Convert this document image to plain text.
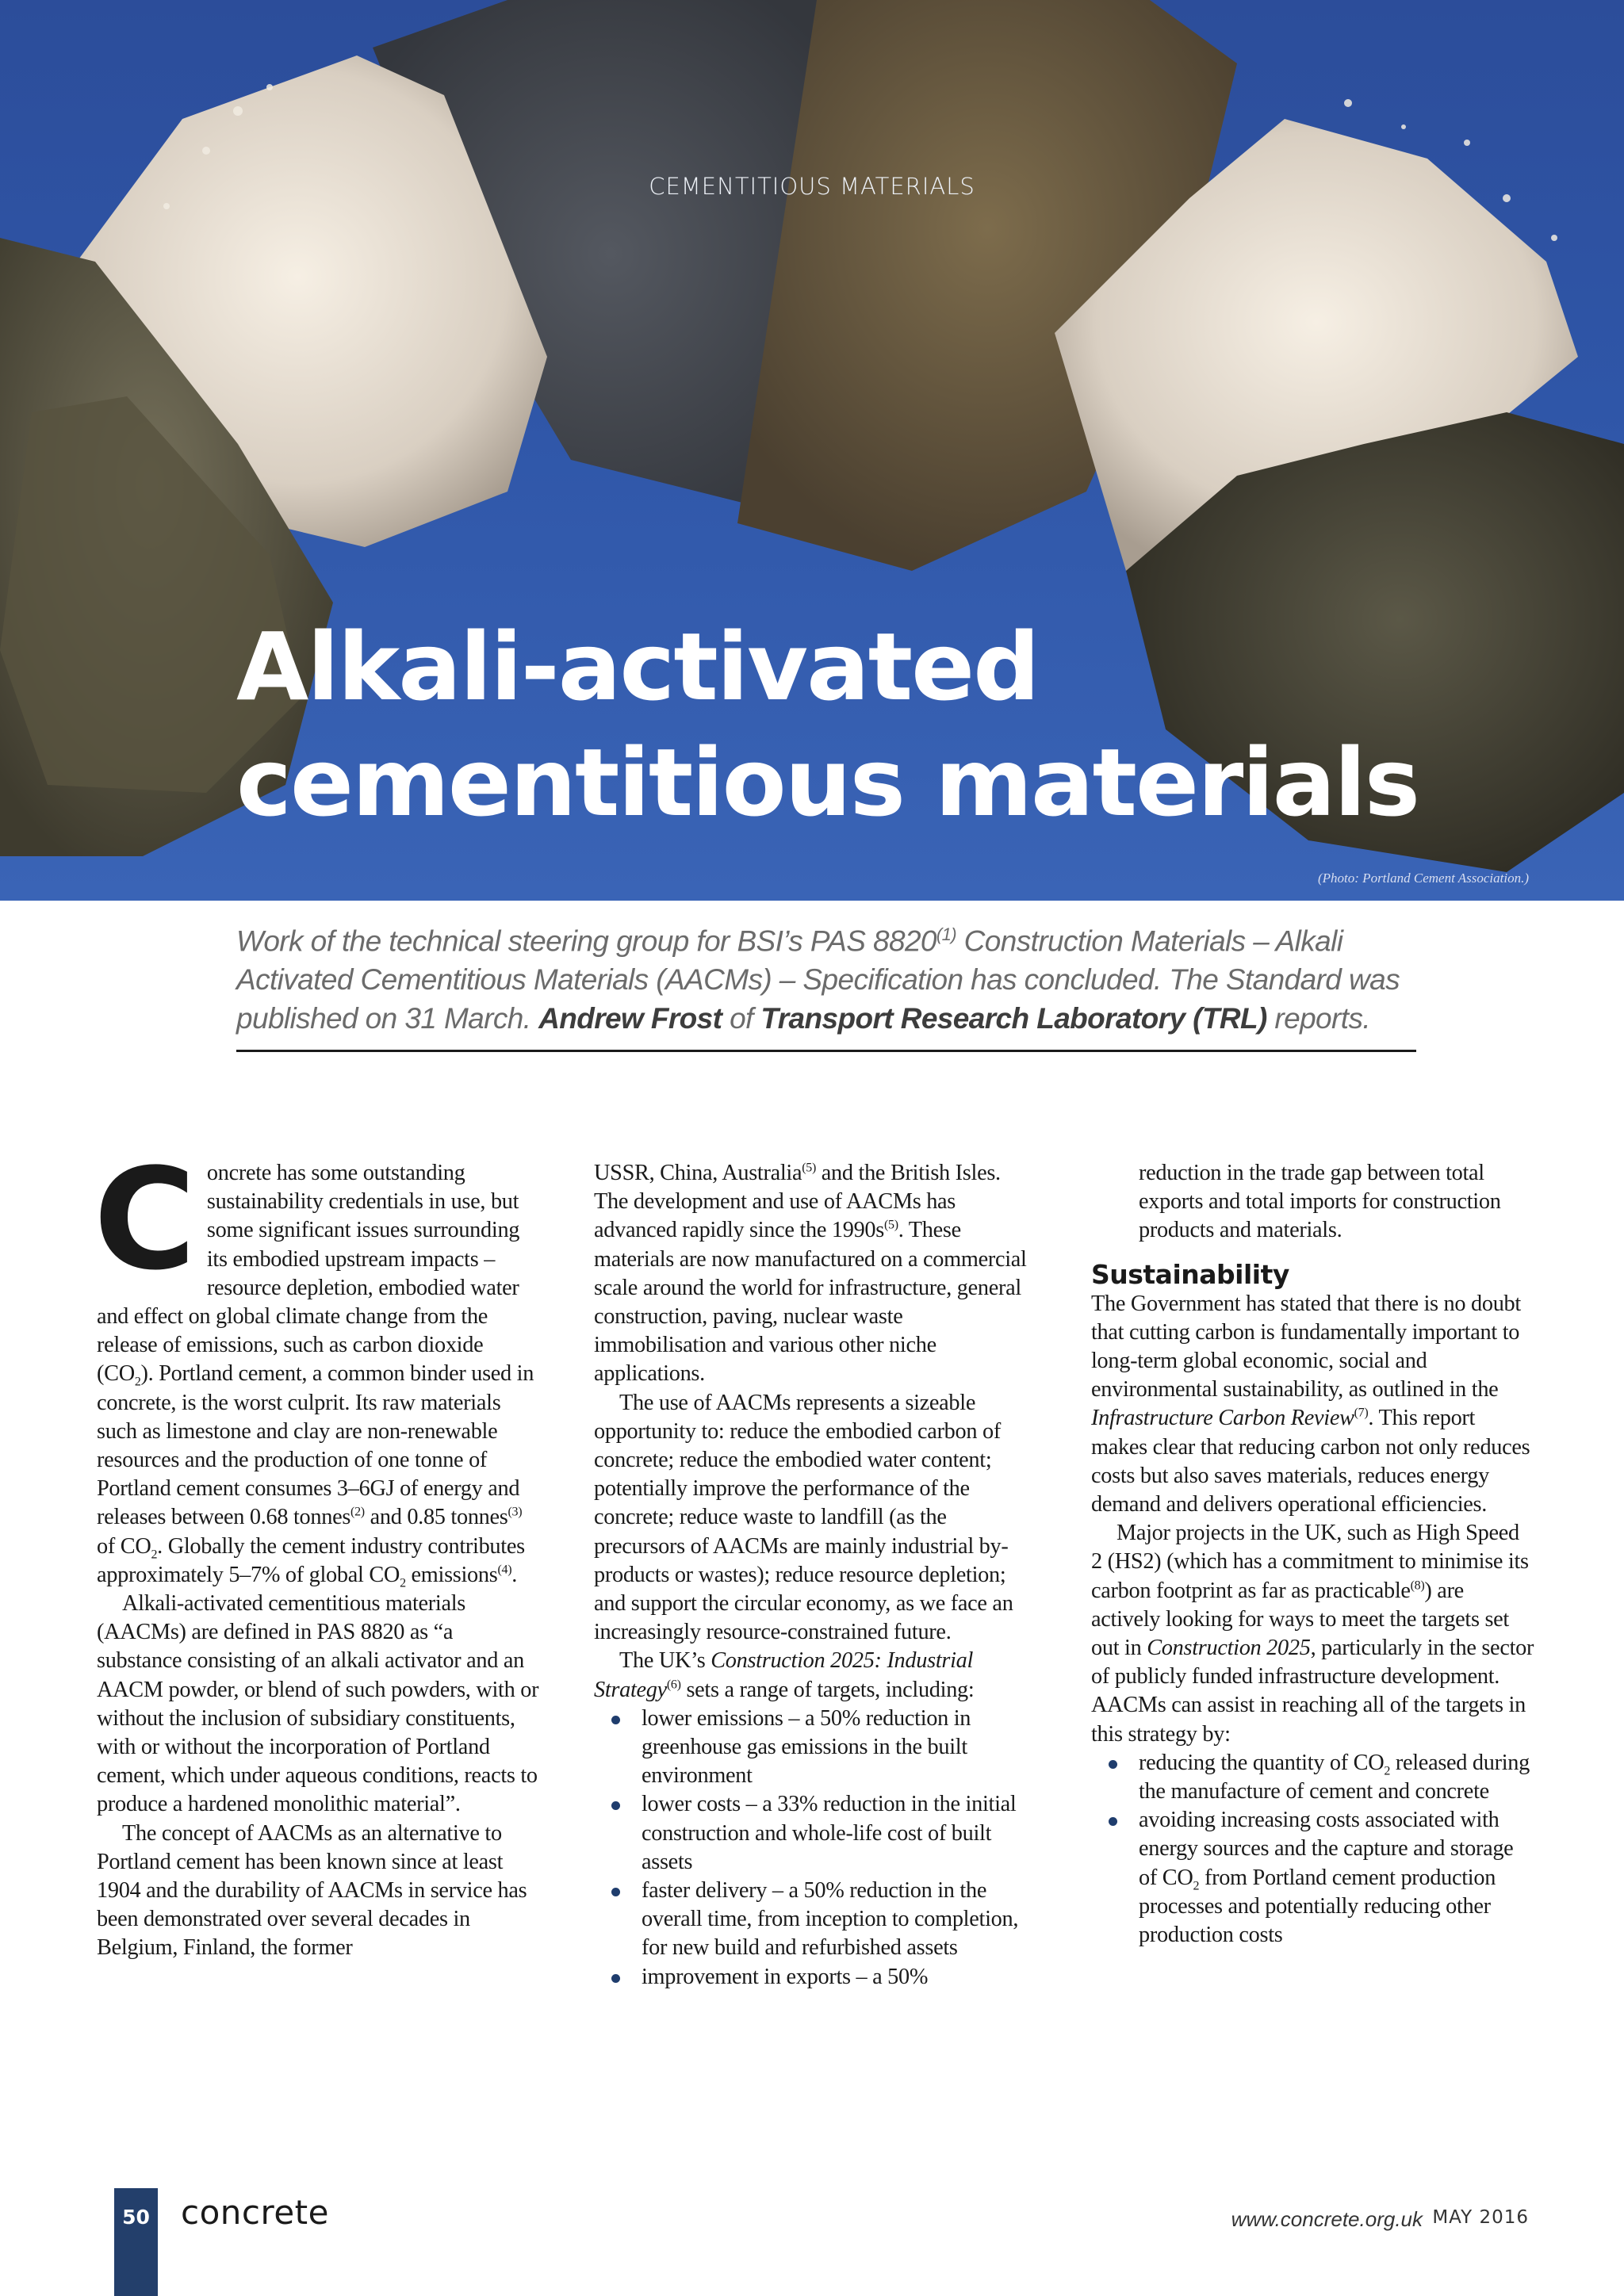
CEMENTITIOUS MATERIALS
Alkali-activated
cementitious materials
(Photo: Portland Cement Association.)

Work of the technical steering group for BSI’s PAS 8820$^{(1)}$ Construction Materials – Alkali Activated Cementitious Materials (AACMs) – Specification has concluded. The Standard was published on 31 March. Andrew Frost of Transport Research Laboratory (TRL) reports.

Concrete has some outstanding sustainability credentials in use, but some significant issues surrounding its embodied upstream impacts – resource depletion, embodied water and effect on global climate change from the release of emissions, such as carbon dioxide $(CO_2)$. Portland cement, a common binder used in concrete, is the worst culprit. Its raw materials such as limestone and clay are non-renewable resources and the production of one tonne of Portland cement consumes 3–6GJ of energy and releases between 0.68 tonnes$^{(2)}$ and 0.85 tonnes$^{(3)}$ of $CO_2$. Globally the cement industry contributes approximately 5–7% of global $CO_2$ emissions$^{(4)}$.

Alkali-activated cementitious materials (AACMs) are defined in PAS 8820 as “a substance consisting of an alkali activator and an AACM powder, or blend of such powders, with or without the inclusion of subsidiary constituents, with or without the incorporation of Portland cement, which under aqueous conditions, reacts to produce a hardened monolithic material”.

The concept of AACMs as an alternative to Portland cement has been known since at least 1904 and the durability of AACMs in service has been demonstrated over several decades in Belgium, Finland, the former

USSR, China, Australia$^{(5)}$ and the British Isles. The development and use of AACMs has advanced rapidly since the $1990s^{(5)}$. These materials are now manufactured on a commercial scale around the world for infrastructure, general construction, paving, nuclear waste immobilisation and various other niche applications.

The use of AACMs represents a sizeable opportunity to: reduce the embodied carbon of concrete; reduce the embodied water content; potentially improve the performance of the concrete; reduce waste to landfill (as the precursors of AACMs are mainly industrial by-products or wastes); reduce resource depletion; and support the circular economy, as we face an increasingly resource-constrained future.

The UK’s Construction 2025: Industrial Strategy$^{(6)}$ sets a range of targets, including:

lower emissions – a 50% reduction in greenhouse gas emissions in the built environment
lower costs – a 33% reduction in the initial construction and whole-life cost of built assets
faster delivery – a 50% reduction in the overall time, from inception to completion, for new build and refurbished assets
improvement in exports – a 50%

reduction in the trade gap between total exports and total imports for construction products and materials.

Sustainability

The Government has stated that there is no doubt that cutting carbon is fundamentally important to long-term global economic, social and environmental sustainability, as outlined in the Infrastructure Carbon Review$^{(7)}$. This report makes clear that reducing carbon not only reduces costs but also saves materials, reduces energy demand and delivers operational efficiencies.

Major projects in the UK, such as High Speed 2 (HS2) (which has a commitment to minimise its carbon footprint as far as practicable$^{(8)}$) are actively looking for ways to meet the targets set out in Construction 2025, particularly in the sector of publicly funded infrastructure development. AACMs can assist in reaching all of the targets in this strategy by:

reducing the quantity of $CO_2$ released during the manufacture of cement and concrete
avoiding increasing costs associated with energy sources and the capture and storage of $CO_2$ from Portland cement production processes and potentially reducing other production costs
50 concrete	www.concrete.org.uk MAY 2016
